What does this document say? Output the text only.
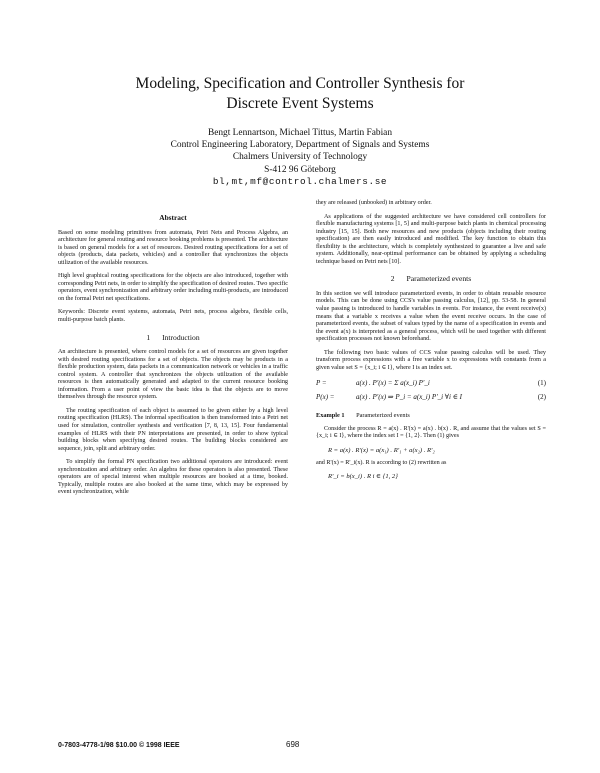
Modeling, Specification and Controller Synthesis for
Discrete Event Systems
Bengt Lennartson, Michael Tittus, Martin Fabian
Control Engineering Laboratory, Department of Signals and Systems
Chalmers University of Technology
S-412 96 Göteborg
bl,mt,mf@control.chalmers.se
Abstract

Based on some modeling primitives from automata, Petri Nets and Process Algebra, an architecture for general routing and resource booking problems is presented. The architecture is based on general models for a set of resources. Desired routing specifications for a set of objects (products, data packets, vehicles) and a controller that synchronizes the objects utilization of the available resources.

High level graphical routing specifications for the objects are also introduced, together with corresponding Petri nets, in order to simplify the specification of desired routes. Two specific operators, event synchronization and arbitrary order including multi-products, are introduced on the formal Petri net specifications.

Keywords: Discrete event systems, automata, Petri nets, process algebra, flexible cells, multi-purpose batch plants.

1 Introduction

An architecture is presented, where control models for a set of resources are given together with desired routing specifications for a set of objects. The objects may be products in a flexible production system, data packets in a communication network or vehicles in a traffic control system. A controller that synchronizes the objects utilization of the available resources is then automatically generated and adapted to the current resource booking information. From a user point of view the basic idea is that the objects are to move themselves through the resource system.

The routing specification of each object is assumed to be given either by a high level routing specification (HLRS). The informal specification is then transformed into a Petri net used for simulation, controller synthesis and verification [7, 8, 13, 15]. Four fundamental examples of HLRS with their PN interpretations are presented, in order to show typical building blocks when specifying desired routes. The building blocks considered are sequence, join, split and arbitrary order.

To simplify the formal PN specification two additional operators are introduced: event synchronization and arbitrary order. An algebra for these operators is also presented. These operators are of special interest when multiple resources are booked at a time, booked. Typically, multiple routes are also booked at the same time, which may be expressed by event synchronization, while

they are released (unbooked) in arbitrary order.

As applications of the suggested architecture we have considered cell controllers for flexible manufacturing systems [1, 5] and multi-purpose batch plants in chemical processing industry [15, 15]. Both new resources and new products (objects including their routing specification) are then easily introduced and modified. The key function to obtain this flexibility is the architecture, which is completely synthesized to guarantee a live and safe system. Additionally, near-optimal performance can be obtained by applying a scheduling technique based on Petri nets [10].

2 Parameterized events

In this section we will introduce parameterized events, in order to obtain reusable resource models. This can be done using CCS's value passing calculus, [12], pp. 53-58. In general value passing is introduced to handle variables in events. For instance, the event receive(x) means that a variable x receives a value when the event receive occurs. In the case of parameterized events, the subset of values typed by the name of a specification in events and the event a(x) is interpreted as a general process, which will be used together with different specification processes not known beforehand.

The following two basic values of CCS value passing calculus will be used. They transform process expressions with a free variable x to expressions with constants from a given value set S = {x_i; i ∈ I}, where I is an index set.

P =	a(x) . P'(x) = Σ a(x_i) P'_i	(1)
P(x) =	a(x) . P'(x) ⇒ P_i = a(x_i) P'_i ∀i ∈ I	(2)
Example 1 Parameterized events

Consider the process R = a(x) . R'(x) = a(x) . b(x) . R, and assume that the values set S = {x_i; i ∈ I}, where the index set I = {1, 2}. Then (1) gives

R = a(x) . R'(x) = a(x₁) . R'₁ + a(x₂) . R'₂

and R'(x) = R'_i(x). R is according to (2) rewritten as

R'_i = b(x_i) . R i ∈ {1, 2}
0-7803-4778-1/98 $10.00 © 1998 IEEE	698
